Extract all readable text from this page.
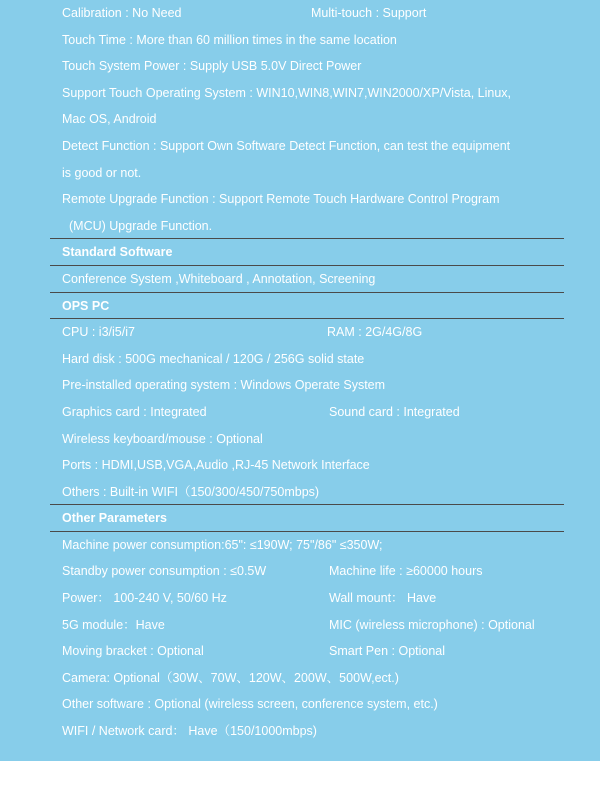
Calibration : No Need	Multi-touch : Support
Touch Time : More than 60 million times in the same location
Touch System Power : Supply USB 5.0V Direct Power
Support Touch Operating System : WIN10,WIN8,WIN7,WIN2000/XP/Vista, Linux,
Mac OS, Android
Detect Function : Support Own Software Detect Function, can test the equipment
is good or not.
Remote Upgrade Function : Support Remote Touch Hardware Control Program
(MCU) Upgrade Function.
Standard Software
Conference System ,Whiteboard , Annotation, Screening
OPS PC
CPU : i3/i5/i7	RAM : 2G/4G/8G
Hard disk : 500G mechanical / 120G / 256G solid state
Pre-installed operating system : Windows Operate System
Graphics card : Integrated	Sound card : Integrated
Wireless keyboard/mouse : Optional
Ports : HDMI,USB,VGA,Audio ,RJ-45 Network Interface
Others : Built-in WIFI（150/300/450/750mbps)
Other Parameters
Machine power consumption:65": ≤190W; 75"/86" ≤350W;
Standby power consumption : ≤0.5W	Machine life : ≥60000 hours
Power： 100-240 V, 50/60 Hz	Wall mount： Have
5G module：Have	MIC (wireless microphone) : Optional
Moving bracket : Optional	Smart Pen : Optional
Camera: Optional（30W、70W、120W、200W、500W,ect.)
Other software : Optional (wireless screen, conference system, etc.)
WIFI / Network card： Have（150/1000mbps)
